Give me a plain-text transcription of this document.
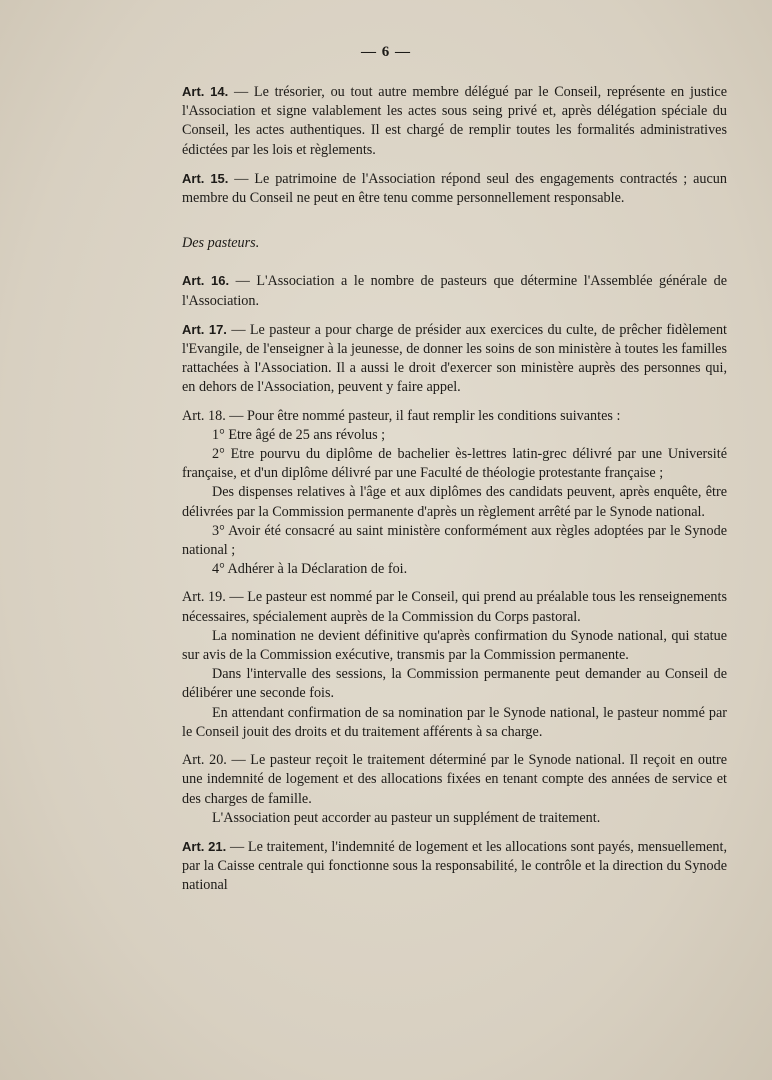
— 6 —

Art. 14. — Le trésorier, ou tout autre membre délégué par le Conseil, représente en justice l'Association et signe valablement les actes sous seing privé et, après délégation spéciale du Conseil, les actes authentiques. Il est chargé de remplir toutes les formalités administratives édictées par les lois et règlements.

Art. 15. — Le patrimoine de l'Association répond seul des engagements contractés ; aucun membre du Conseil ne peut en être tenu comme personnellement responsable.

Des pasteurs.

Art. 16. — L'Association a le nombre de pasteurs que détermine l'Assemblée générale de l'Association.

Art. 17. — Le pasteur a pour charge de présider aux exercices du culte, de prêcher fidèlement l'Evangile, de l'enseigner à la jeunesse, de donner les soins de son ministère à toutes les familles rattachées à l'Association. Il a aussi le droit d'exercer son ministère auprès des personnes qui, en dehors de l'Association, peuvent y faire appel.

Art. 18. — Pour être nommé pasteur, il faut remplir les conditions suivantes :

1° Etre âgé de 25 ans révolus ;

2° Etre pourvu du diplôme de bachelier ès-lettres latin-grec délivré par une Université française, et d'un diplôme délivré par une Faculté de théologie protestante française ;

Des dispenses relatives à l'âge et aux diplômes des candidats peuvent, après enquête, être délivrées par la Commission permanente d'après un règlement arrêté par le Synode national.

3° Avoir été consacré au saint ministère conformément aux règles adoptées par le Synode national ;

4° Adhérer à la Déclaration de foi.

Art. 19. — Le pasteur est nommé par le Conseil, qui prend au préalable tous les renseignements nécessaires, spécialement auprès de la Commission du Corps pastoral.

La nomination ne devient définitive qu'après confirmation du Synode national, qui statue sur avis de la Commission exécutive, transmis par la Commission permanente.

Dans l'intervalle des sessions, la Commission permanente peut demander au Conseil de délibérer une seconde fois.

En attendant confirmation de sa nomination par le Synode national, le pasteur nommé par le Conseil jouit des droits et du traitement afférents à sa charge.

Art. 20. — Le pasteur reçoit le traitement déterminé par le Synode national. Il reçoit en outre une indemnité de logement et des allocations fixées en tenant compte des années de service et des charges de famille.

L'Association peut accorder au pasteur un supplément de traitement.

Art. 21. — Le traitement, l'indemnité de logement et les allocations sont payés, mensuellement, par la Caisse centrale qui fonctionne sous la responsabilité, le contrôle et la direction du Synode national
